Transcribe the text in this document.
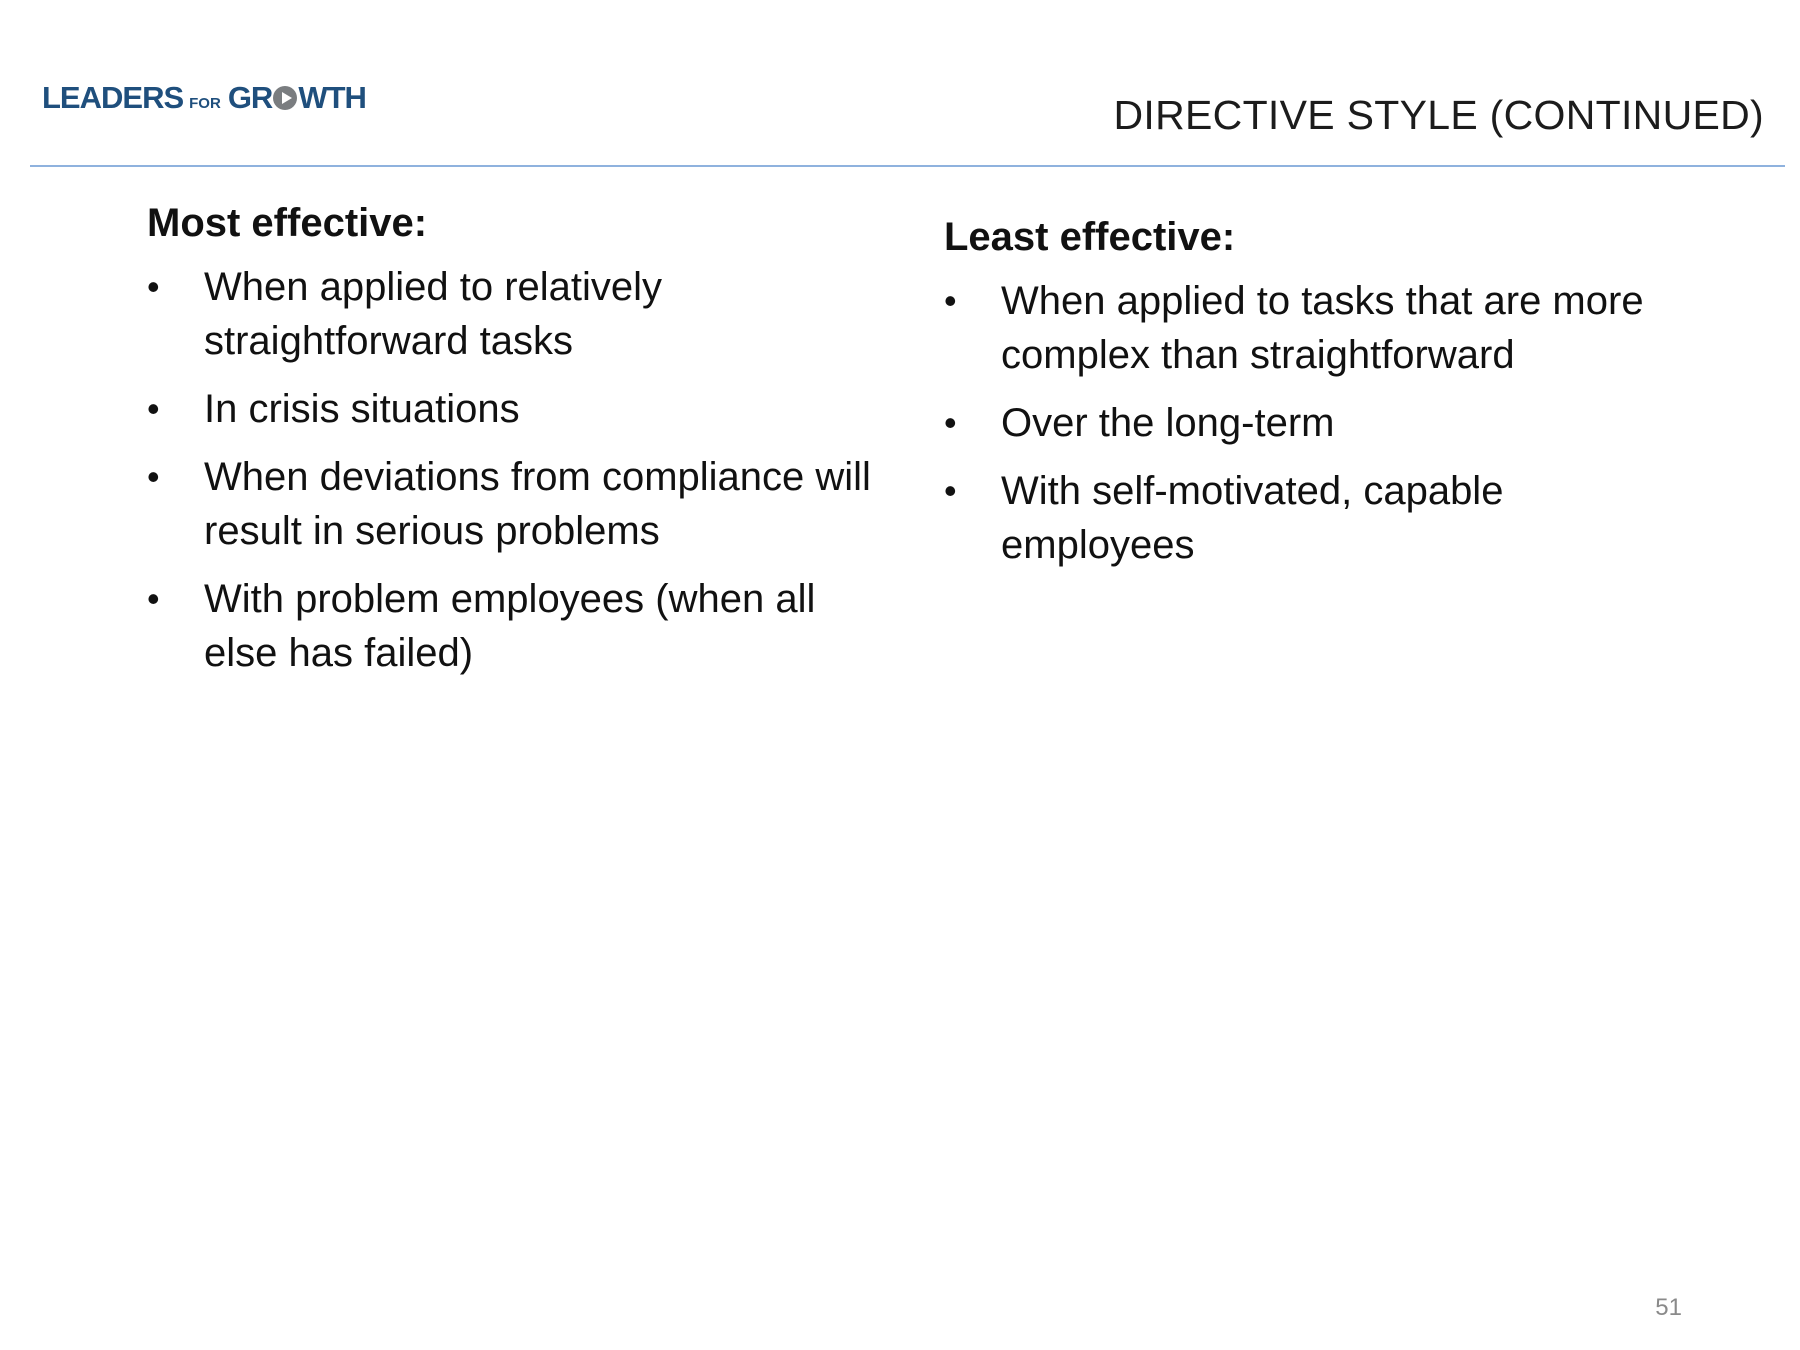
LEADERS FOR GR WTH	DIRECTIVE STYLE (CONTINUED)
Most effective:
• When applied to relatively straightforward tasks
• In crisis situations
• When deviations from compliance will result in serious problems
• With problem employees (when all else has failed)
Least effective:
• When applied to tasks that are more complex than straightforward
• Over the long-term
• With self-motivated, capable employees
51
